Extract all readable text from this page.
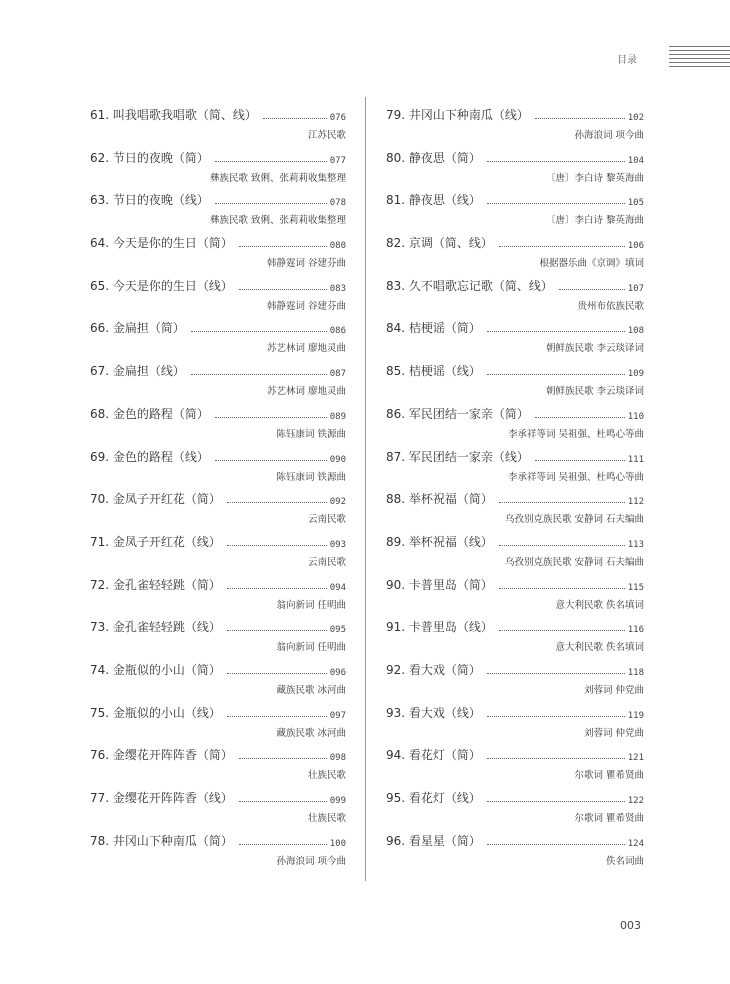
目录
61. 叫我唱歌我唱歌（简、线）	076
江苏民歌
62. 节日的夜晚（简）	077
彝族民歌 致俐、张莉莉收集整理
63. 节日的夜晚（线）	078
彝族民歌 致俐、张莉莉收集整理
64. 今天是你的生日（简）	080
韩静霆词 谷建芬曲
65. 今天是你的生日（线）	083
韩静霆词 谷建芬曲
66. 金扁担（简）	086
苏艺林词 廖地灵曲
67. 金扁担（线）	087
苏艺林词 廖地灵曲
68. 金色的路程（简）	089
陈钰康词 铁源曲
69. 金色的路程（线）	090
陈钰康词 铁源曲
70. 金凤子开红花（简）	092
云南民歌
71. 金凤子开红花（线）	093
云南民歌
72. 金孔雀轻轻跳（简）	094
翁向新词 任明曲
73. 金孔雀轻轻跳（线）	095
翁向新词 任明曲
74. 金瓶似的小山（简）	096
藏族民歌 冰河曲
75. 金瓶似的小山（线）	097
藏族民歌 冰河曲
76. 金缨花开阵阵香（简）	098
壮族民歌
77. 金缨花开阵阵香（线）	099
壮族民歌
78. 井冈山下种南瓜（简）	100
孙海浪词 项今曲
79. 井冈山下种南瓜（线）	102
孙海浪词 项今曲
80. 静夜思（简）	104
〔唐〕李白诗 黎英海曲
81. 静夜思（线）	105
〔唐〕李白诗 黎英海曲
82. 京调（简、线）	106
根据器乐曲《京调》填词
83. 久不唱歌忘记歌（简、线）	107
贵州布依族民歌
84. 桔梗谣（简）	108
朝鲜族民歌 李云琰译词
85. 桔梗谣（线）	109
朝鲜族民歌 李云琰译词
86. 军民团结一家亲（简）	110
李承祥等词 吴祖强、杜鸣心等曲
87. 军民团结一家亲（线）	111
李承祥等词 吴祖强、杜鸣心等曲
88. 举杯祝福（简）	112
乌孜别克族民歌 安静词 石夫编曲
89. 举杯祝福（线）	113
乌孜别克族民歌 安静词 石夫编曲
90. 卡普里岛（简）	115
意大利民歌 佚名填词
91. 卡普里岛（线）	116
意大利民歌 佚名填词
92. 看大戏（简）	118
刘蓉词 仲党曲
93. 看大戏（线）	119
刘蓉词 仲党曲
94. 看花灯（简）	121
尔歌词 瞿希贤曲
95. 看花灯（线）	122
尔歌词 瞿希贤曲
96. 看星星（简）	124
佚名词曲
003
